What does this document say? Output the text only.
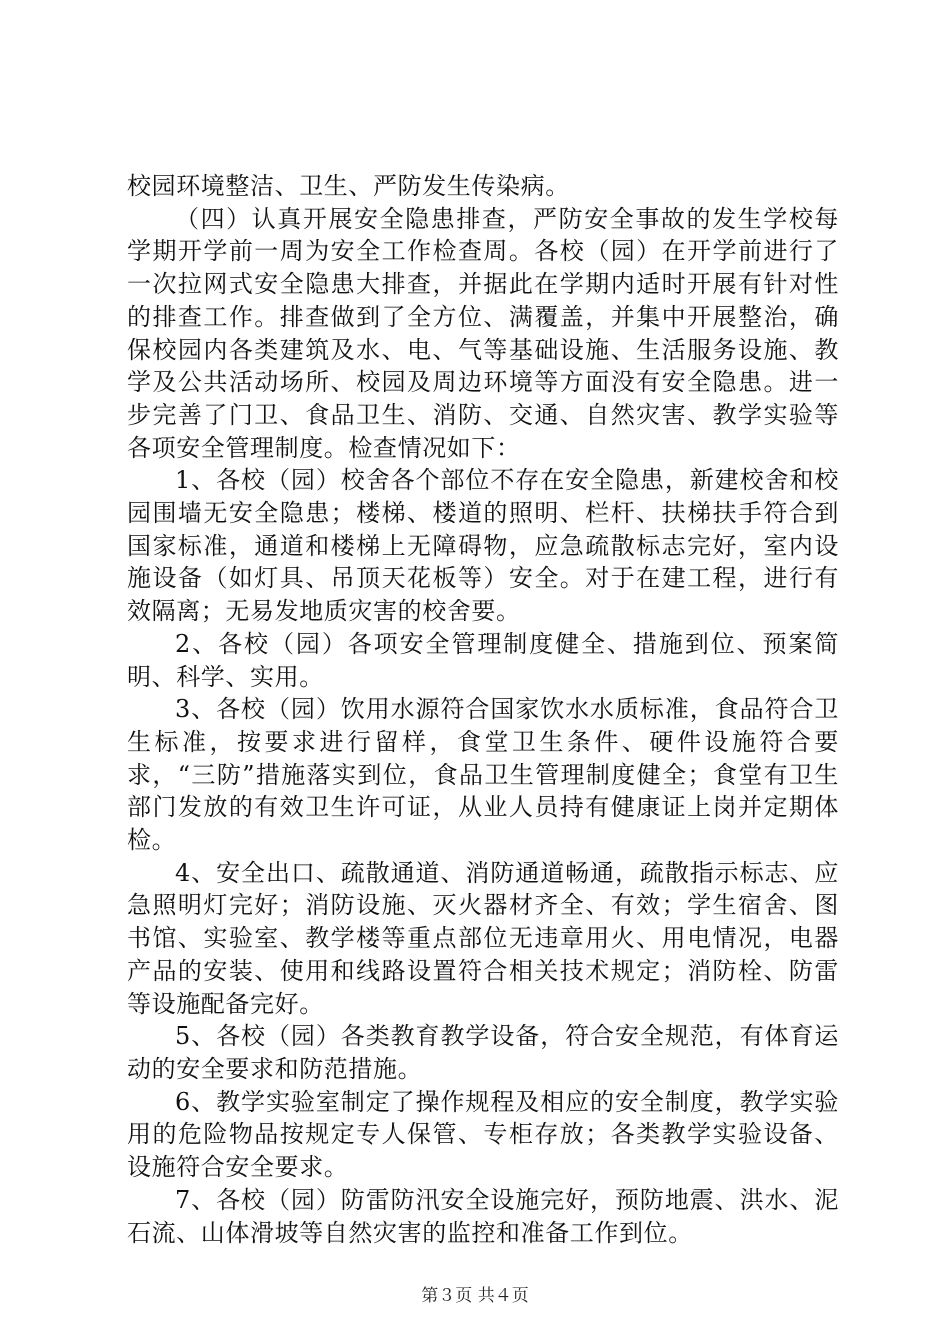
校园环境整洁、卫生、严防发生传染病。

（四）认真开展安全隐患排查，严防安全事故的发生学校每学期开学前一周为安全工作检查周。各校（园）在开学前进行了一次拉网式安全隐患大排查，并据此在学期内适时开展有针对性的排查工作。排查做到了全方位、满覆盖，并集中开展整治，确保校园内各类建筑及水、电、气等基础设施、生活服务设施、教学及公共活动场所、校园及周边环境等方面没有安全隐患。进一步完善了门卫、食品卫生、消防、交通、自然灾害、教学实验等各项安全管理制度。检查情况如下：

1、各校（园）校舍各个部位不存在安全隐患，新建校舍和校园围墙无安全隐患；楼梯、楼道的照明、栏杆、扶梯扶手符合到国家标准，通道和楼梯上无障碍物，应急疏散标志完好，室内设施设备（如灯具、吊顶天花板等）安全。对于在建工程，进行有效隔离；无易发地质灾害的校舍要。

2、各校（园）各项安全管理制度健全、措施到位、预案简明、科学、实用。

3、各校（园）饮用水源符合国家饮水水质标准，食品符合卫生标准，按要求进行留样，食堂卫生条件、硬件设施符合要求，“三防”措施落实到位，食品卫生管理制度健全；食堂有卫生部门发放的有效卫生许可证，从业人员持有健康证上岗并定期体检。

4、安全出口、疏散通道、消防通道畅通，疏散指示标志、应急照明灯完好；消防设施、灭火器材齐全、有效；学生宿舍、图书馆、实验室、教学楼等重点部位无违章用火、用电情况，电器产品的安装、使用和线路设置符合相关技术规定；消防栓、防雷等设施配备完好。

5、各校（园）各类教育教学设备，符合安全规范，有体育运动的安全要求和防范措施。

6、教学实验室制定了操作规程及相应的安全制度，教学实验用的危险物品按规定专人保管、专柜存放；各类教学实验设备、设施符合安全要求。

7、各校（园）防雷防汛安全设施完好，预防地震、洪水、泥石流、山体滑坡等自然灾害的监控和准备工作到位。

第３页 共４页
